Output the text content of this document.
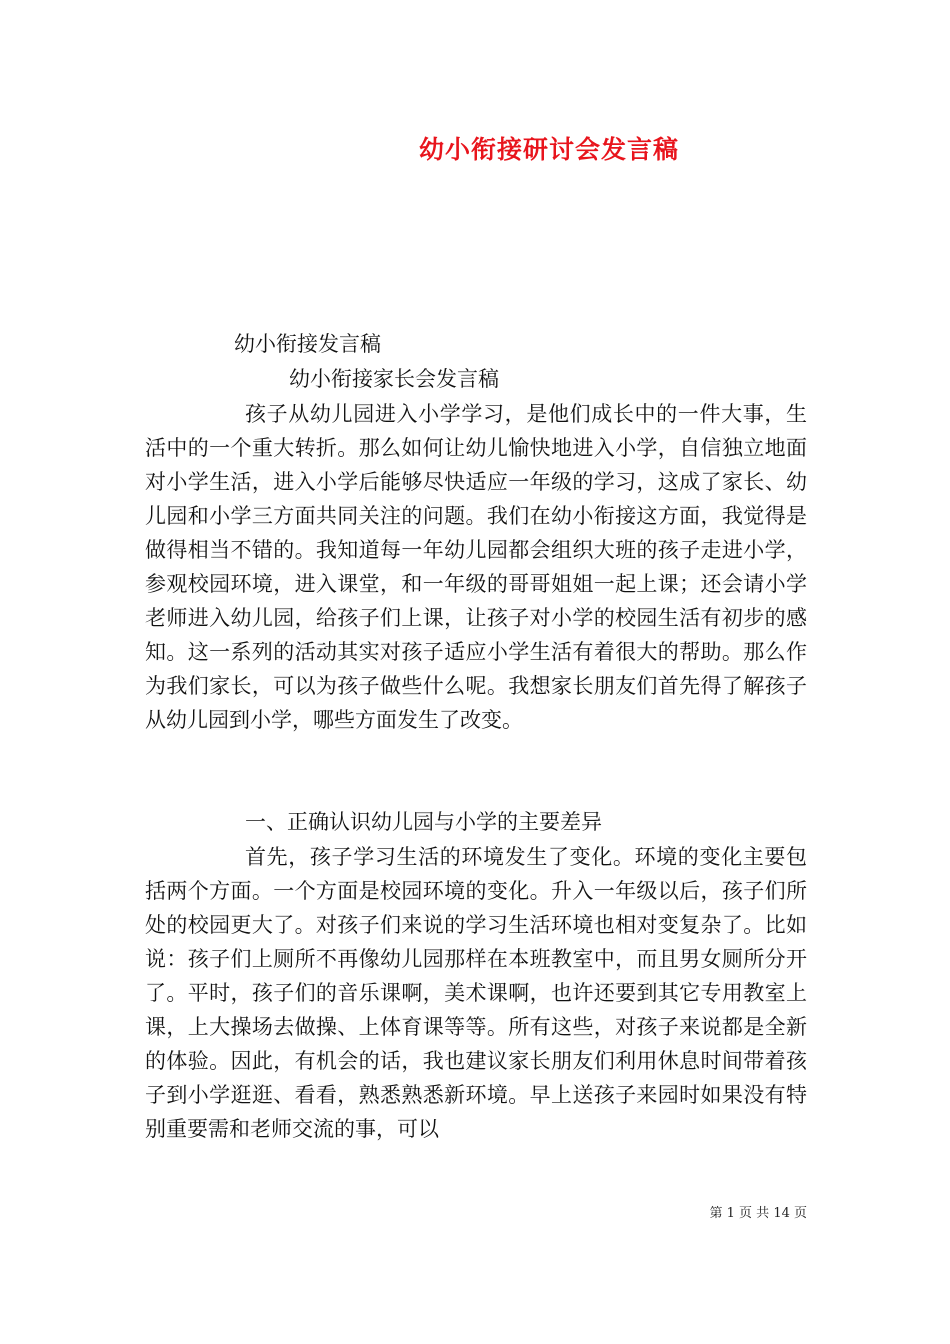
幼小衔接研讨会发言稿
幼小衔接发言稿
幼小衔接家长会发言稿
孩子从幼儿园进入小学学习，是他们成长中的一件大事，生活中的一个重大转折。那么如何让幼儿愉快地进入小学，自信独立地面对小学生活，进入小学后能够尽快适应一年级的学习，这成了家长、幼儿园和小学三方面共同关注的问题。我们在幼小衔接这方面，我觉得是做得相当不错的。我知道每一年幼儿园都会组织大班的孩子走进小学，参观校园环境，进入课堂，和一年级的哥哥姐姐一起上课；还会请小学老师进入幼儿园，给孩子们上课，让孩子对小学的校园生活有初步的感知。这一系列的活动其实对孩子适应小学生活有着很大的帮助。那么作为我们家长，可以为孩子做些什么呢。我想家长朋友们首先得了解孩子从幼儿园到小学，哪些方面发生了改变。
一、正确认识幼儿园与小学的主要差异
首先，孩子学习生活的环境发生了变化。环境的变化主要包括两个方面。一个方面是校园环境的变化。升入一年级以后，孩子们所处的校园更大了。对孩子们来说的学习生活环境也相对变复杂了。比如说：孩子们上厕所不再像幼儿园那样在本班教室中，而且男女厕所分开了。平时，孩子们的音乐课啊，美术课啊，也许还要到其它专用教室上课，上大操场去做操、上体育课等等。所有这些，对孩子来说都是全新的体验。因此，有机会的话，我也建议家长朋友们利用休息时间带着孩子到小学逛逛、看看，熟悉熟悉新环境。早上送孩子来园时如果没有特别重要需和老师交流的事，可以
第 1 页 共 14 页
